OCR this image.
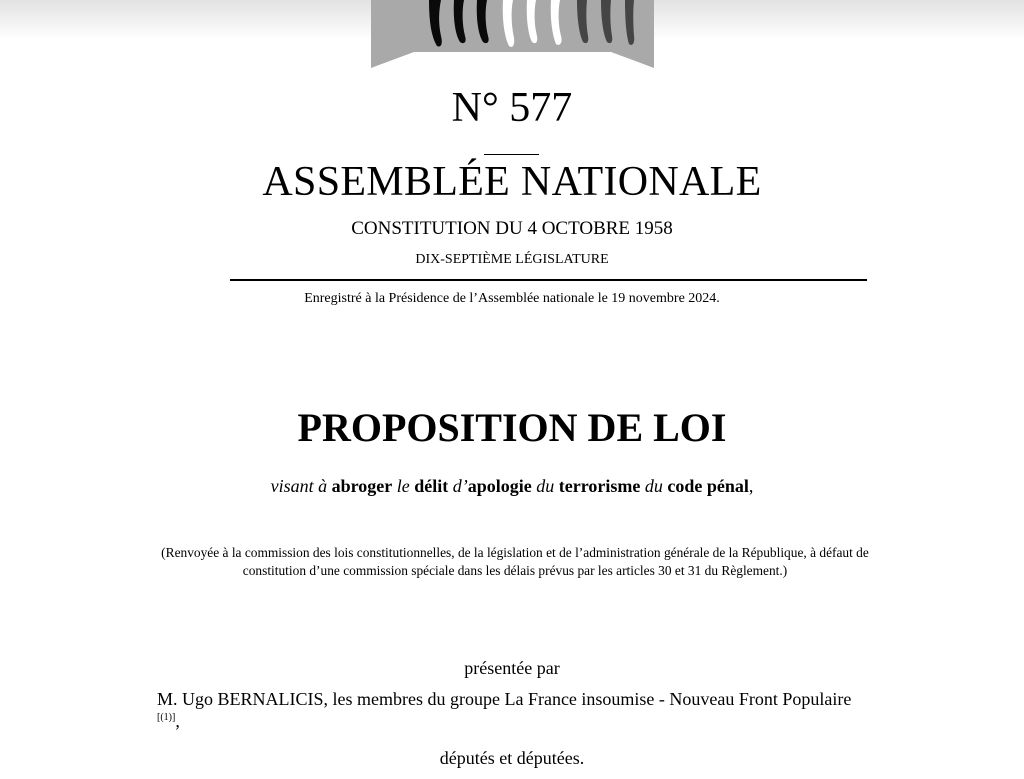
N° 577
ASSEMBLÉE NATIONALE
CONSTITUTION DU 4 OCTOBRE 1958
DIX-SEPTIÈME LÉGISLATURE
Enregistré à la Présidence de l’Assemblée nationale le 19 novembre 2024.
PROPOSITION DE LOI
visant à abroger le délit d’apologie du terrorisme du code pénal,
(Renvoyée à la commission des lois constitutionnelles, de la législation et de l’administration générale de la République, à défaut de constitution d’une commission spéciale dans les délais prévus par les articles 30 et 31 du Règlement.)
présentée par
M. Ugo BERNALICIS, les membres du groupe La France insoumise - Nouveau Front Populaire [(1)],
députés et députées.
